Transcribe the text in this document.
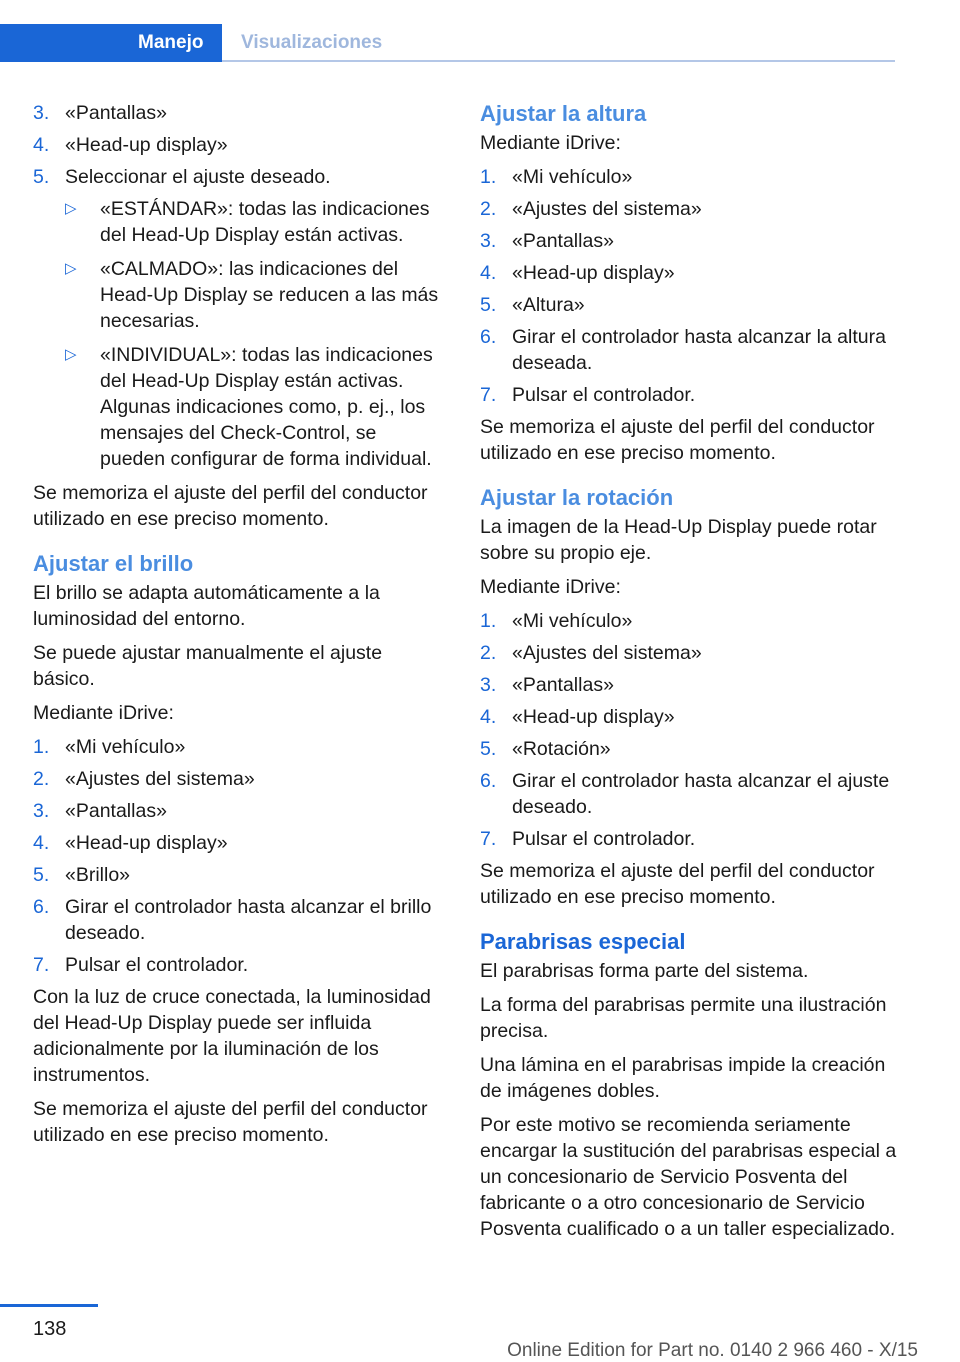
Manejo	Visualizaciones
3. «Pantallas»
4. «Head-up display»
5. Seleccionar el ajuste deseado.
▷	«ESTÁNDAR»: todas las indicaciones del Head-Up Display están activas.
▷	«CALMADO»: las indicaciones del Head-Up Display se reducen a las más necesarias.
▷	«INDIVIDUAL»: todas las indicaciones del Head-Up Display están activas. Algunas indicaciones como, p. ej., los mensajes del Check-Control, se pueden configurar de forma individual.
Se memoriza el ajuste del perfil del conductor utilizado en ese preciso momento.
Ajustar el brillo
El brillo se adapta automáticamente a la luminosidad del entorno.
Se puede ajustar manualmente el ajuste básico.
Mediante iDrive:
1. «Mi vehículo»
2. «Ajustes del sistema»
3. «Pantallas»
4. «Head-up display»
5. «Brillo»
6. Girar el controlador hasta alcanzar el brillo deseado.
7. Pulsar el controlador.
Con la luz de cruce conectada, la luminosidad del Head-Up Display puede ser influida adicionalmente por la iluminación de los instrumentos.
Se memoriza el ajuste del perfil del conductor utilizado en ese preciso momento.
Ajustar la altura
Mediante iDrive:
1. «Mi vehículo»
2. «Ajustes del sistema»
3. «Pantallas»
4. «Head-up display»
5. «Altura»
6. Girar el controlador hasta alcanzar la altura deseada.
7. Pulsar el controlador.
Se memoriza el ajuste del perfil del conductor utilizado en ese preciso momento.
Ajustar la rotación
La imagen de la Head-Up Display puede rotar sobre su propio eje.
Mediante iDrive:
1. «Mi vehículo»
2. «Ajustes del sistema»
3. «Pantallas»
4. «Head-up display»
5. «Rotación»
6. Girar el controlador hasta alcanzar el ajuste deseado.
7. Pulsar el controlador.
Se memoriza el ajuste del perfil del conductor utilizado en ese preciso momento.
Parabrisas especial
El parabrisas forma parte del sistema.
La forma del parabrisas permite una ilustración precisa.
Una lámina en el parabrisas impide la creación de imágenes dobles.
Por este motivo se recomienda seriamente encargar la sustitución del parabrisas especial a un concesionario de Servicio Posventa del fabricante o a otro concesionario de Servicio Posventa cualificado o a un taller especializado.
138
Online Edition for Part no. 0140 2 966 460 - X/15
